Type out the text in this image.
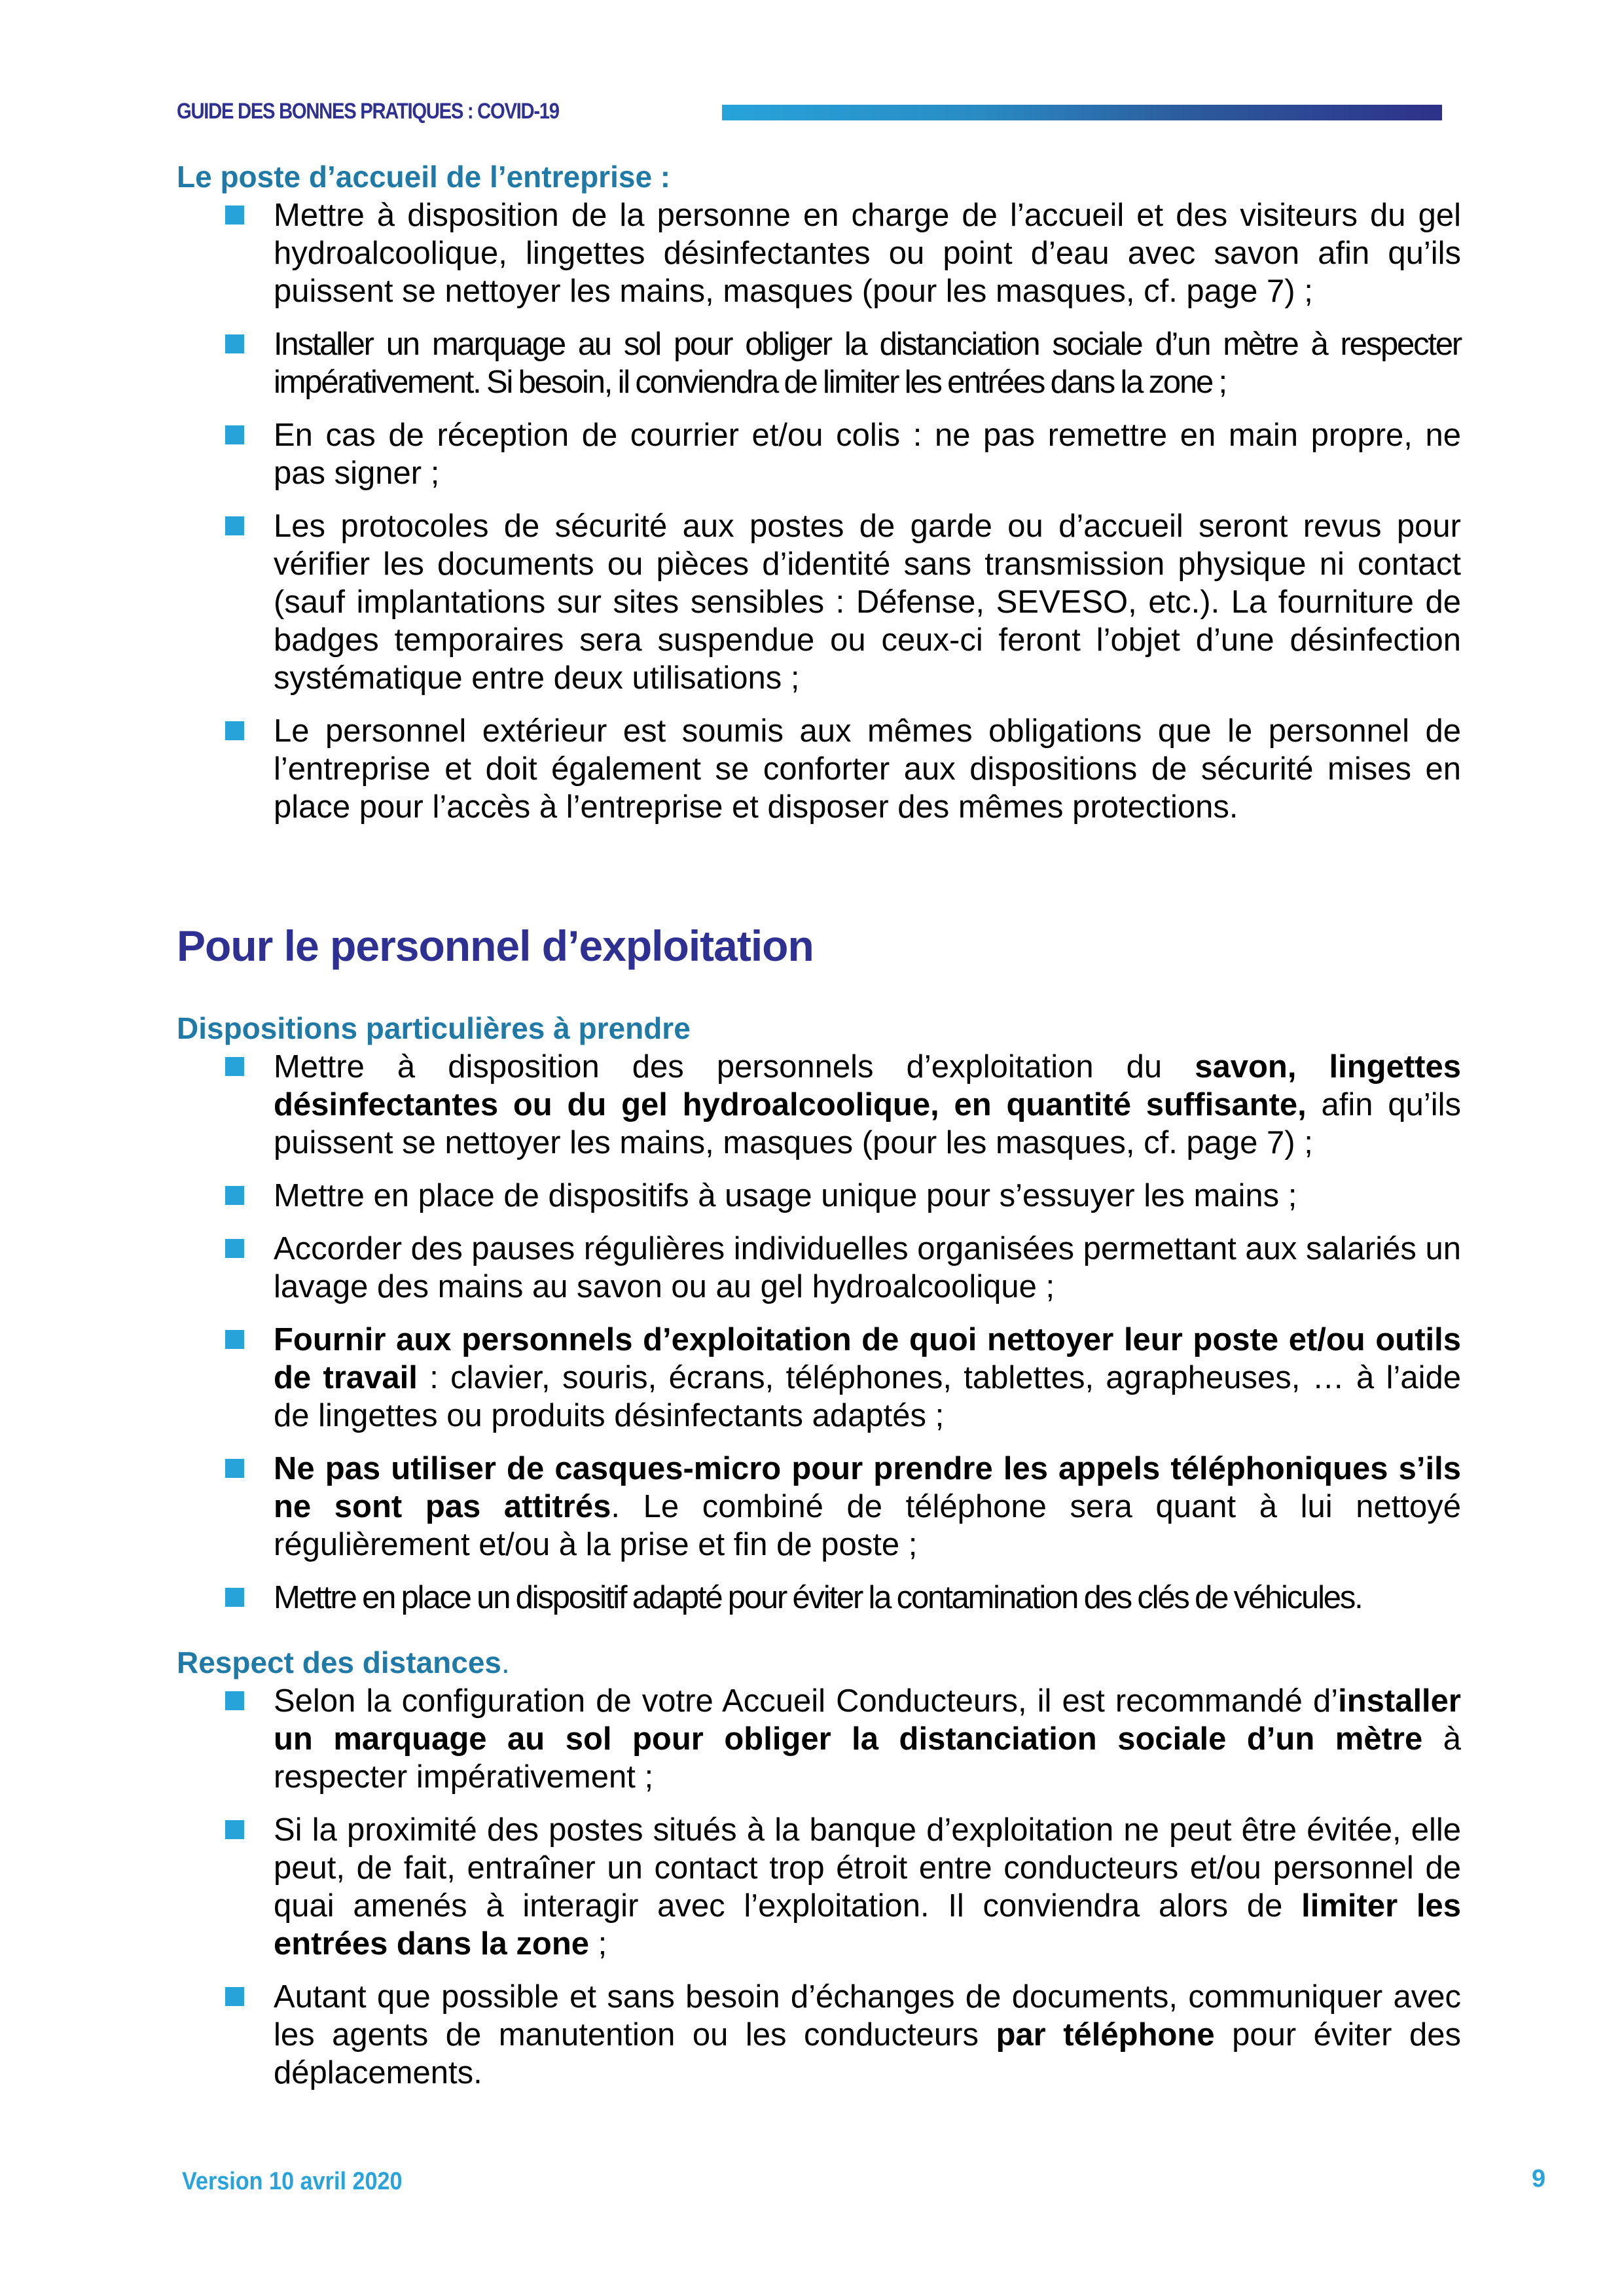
GUIDE DES BONNES PRATIQUES : COVID-19
Le poste d’accueil de l’entreprise :
Mettre à disposition de la personne en charge de l’accueil et des visiteurs du gel hydroalcoolique, lingettes désinfectantes ou point d’eau avec savon afin qu’ils puissent se nettoyer les mains, masques (pour les masques, cf. page 7) ;
Installer un marquage au sol pour obliger la distanciation sociale d’un mètre à respecter impérativement. Si besoin, il conviendra de limiter les entrées dans la zone ;
En cas de réception de courrier et/ou colis : ne pas remettre en main propre, ne pas signer ;
Les protocoles de sécurité aux postes de garde ou d’accueil seront revus pour vérifier les documents ou pièces d’identité sans transmission physique ni contact (sauf implantations sur sites sensibles : Défense, SEVESO, etc.). La fourniture de badges temporaires sera suspendue ou ceux-ci feront l’objet d’une désinfection systématique entre deux utilisations ;
Le personnel extérieur est soumis aux mêmes obligations que le personnel de l’entreprise et doit également se conforter aux dispositions de sécurité mises en place pour l’accès à l’entreprise et disposer des mêmes protections.
Pour le personnel d’exploitation
Dispositions particulières à prendre
Mettre à disposition des personnels d’exploitation du savon, lingettes désinfectantes ou du gel hydroalcoolique, en quantité suffisante, afin qu’ils puissent se nettoyer les mains, masques (pour les masques, cf. page 7) ;
Mettre en place de dispositifs à usage unique pour s’essuyer les mains ;
Accorder des pauses régulières individuelles organisées permettant aux salariés un lavage des mains au savon ou au gel hydroalcoolique ;
Fournir aux personnels d’exploitation de quoi nettoyer leur poste et/ou outils de travail : clavier, souris, écrans, téléphones, tablettes, agrapheuses, … à l’aide de lingettes ou produits désinfectants adaptés ;
Ne pas utiliser de casques-micro pour prendre les appels téléphoniques s’ils ne sont pas attitrés. Le combiné de téléphone sera quant à lui nettoyé régulièrement et/ou à la prise et fin de poste ;
Mettre en place un dispositif adapté pour éviter la contamination des clés de véhicules.
Respect des distances.
Selon la configuration de votre Accueil Conducteurs, il est recommandé d’installer un marquage au sol pour obliger la distanciation sociale d’un mètre à respecter impérativement ;
Si la proximité des postes situés à la banque d’exploitation ne peut être évitée, elle peut, de fait, entraîner un contact trop étroit entre conducteurs et/ou personnel de quai amenés à interagir avec l’exploitation. Il conviendra alors de limiter les entrées dans la zone ;
Autant que possible et sans besoin d’échanges de documents, communiquer avec les agents de manutention ou les conducteurs par téléphone pour éviter des déplacements.
Version 10 avril 2020	9
